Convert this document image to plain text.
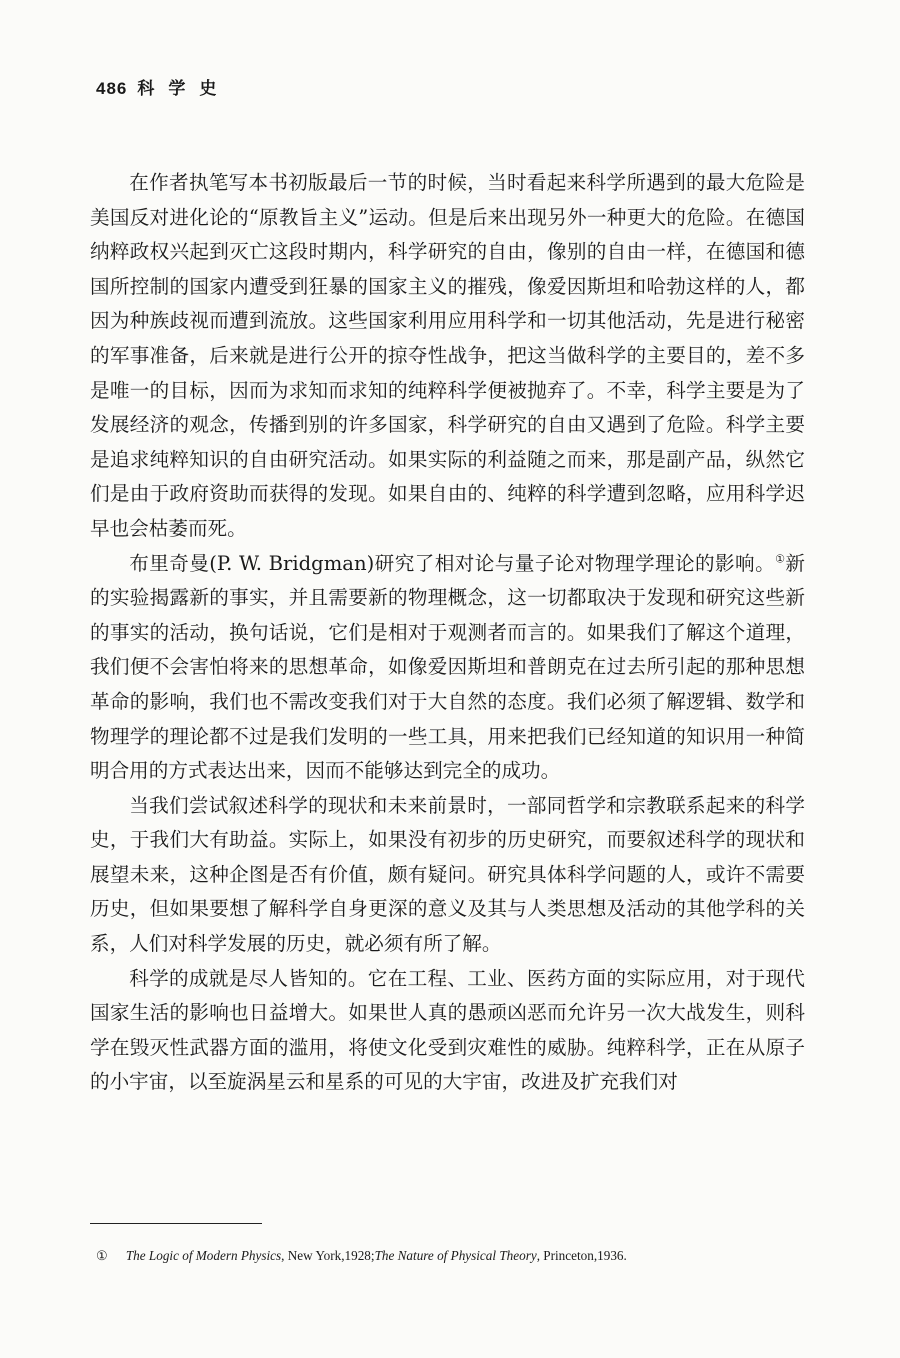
486 科学史

在作者执笔写本书初版最后一节的时候，当时看起来科学所遇到的最大危险是美国反对进化论的“原教旨主义”运动。但是后来出现另外一种更大的危险。在德国纳粹政权兴起到灭亡这段时期内，科学研究的自由，像别的自由一样，在德国和德国所控制的国家内遭受到狂暴的国家主义的摧残，像爱因斯坦和哈勃这样的人，都因为种族歧视而遭到流放。这些国家利用应用科学和一切其他活动，先是进行秘密的军事准备，后来就是进行公开的掠夺性战争，把这当做科学的主要目的，差不多是唯一的目标，因而为求知而求知的纯粹科学便被抛弃了。不幸，科学主要是为了发展经济的观念，传播到别的许多国家，科学研究的自由又遇到了危险。科学主要是追求纯粹知识的自由研究活动。如果实际的利益随之而来，那是副产品，纵然它们是由于政府资助而获得的发现。如果自由的、纯粹的科学遭到忽略，应用科学迟早也会枯萎而死。

布里奇曼(P. W. Bridgman)研究了相对论与量子论对物理学理论的影响。①新的实验揭露新的事实，并且需要新的物理概念，这一切都取决于发现和研究这些新的事实的活动，换句话说，它们是相对于观测者而言的。如果我们了解这个道理，我们便不会害怕将来的思想革命，如像爱因斯坦和普朗克在过去所引起的那种思想革命的影响，我们也不需改变我们对于大自然的态度。我们必须了解逻辑、数学和物理学的理论都不过是我们发明的一些工具，用来把我们已经知道的知识用一种简明合用的方式表达出来，因而不能够达到完全的成功。

当我们尝试叙述科学的现状和未来前景时，一部同哲学和宗教联系起来的科学史，于我们大有助益。实际上，如果没有初步的历史研究，而要叙述科学的现状和展望未来，这种企图是否有价值，颇有疑问。研究具体科学问题的人，或许不需要历史，但如果要想了解科学自身更深的意义及其与人类思想及活动的其他学科的关系，人们对科学发展的历史，就必须有所了解。

科学的成就是尽人皆知的。它在工程、工业、医药方面的实际应用，对于现代国家生活的影响也日益增大。如果世人真的愚顽凶恶而允许另一次大战发生，则科学在毁灭性武器方面的滥用，将使文化受到灾难性的威胁。纯粹科学，正在从原子的小宇宙，以至旋涡星云和星系的可见的大宇宙，改进及扩充我们对

① The Logic of Modern Physics, New York,1928;The Nature of Physical Theory, Princeton,1936.
